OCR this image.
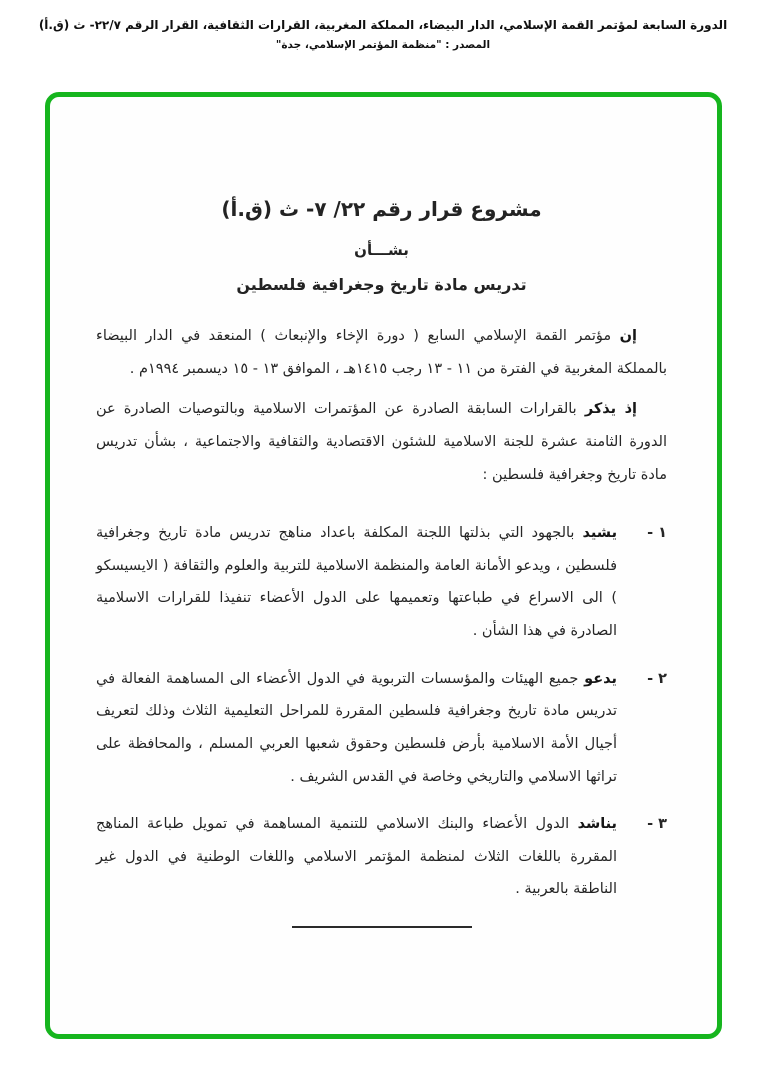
الدورة السابعة لمؤتمر القمة الإسلامي، الدار البيضاء، المملكة المغربية، القرارات الثقافية، القرار الرقم ٢٢/٧- ث (ق.أ)
المصدر : "منظمة المؤتمر الإسلامي، جدة"
مشروع قرار رقم ٢٢/ ٧- ث (ق.أ)
بشـــأن
تدريس مادة تاريخ وجغرافية فلسطين

إن مؤتمر القمة الإسلامي السابع ( دورة الإخاء والإنبعاث ) المنعقد في الدار البيضاء بالمملكة المغربية في الفترة من ١١ - ١٣ رجب ١٤١٥هـ ، الموافق ١٣ - ١٥ ديسمبر ١٩٩٤م .

إذ يذكر بالقرارات السابقة الصادرة عن المؤتمرات الاسلامية وبالتوصيات الصادرة عن الدورة الثامنة عشرة للجنة الاسلامية للشئون الاقتصادية والثقافية والاجتماعية ، بشأن تدريس مادة تاريخ وجغرافية فلسطين :

١ -
يشيد بالجهود التي بذلتها اللجنة المكلفة باعداد مناهج تدريس مادة تاريخ وجغرافية فلسطين ، ويدعو الأمانة العامة والمنظمة الاسلامية للتربية والعلوم والثقافة ( الايسيسكو ) الى الاسراع في طباعتها وتعميمها على الدول الأعضاء تنفيذا للقرارات الاسلامية الصادرة في هذا الشأن .
٢ -
يدعو جميع الهيئات والمؤسسات التربوية في الدول الأعضاء الى المساهمة الفعالة في تدريس مادة تاريخ وجغرافية فلسطين المقررة للمراحل التعليمية الثلاث وذلك لتعريف أجيال الأمة الاسلامية بأرض فلسطين وحقوق شعبها العربي المسلم ، والمحافظة على تراثها الاسلامي والتاريخي وخاصة في القدس الشريف .
٣ -
يناشد الدول الأعضاء والبنك الاسلامي للتنمية المساهمة في تمويل طباعة المناهج المقررة باللغات الثلاث لمنظمة المؤتمر الاسلامي واللغات الوطنية في الدول غير الناطقة بالعربية .
